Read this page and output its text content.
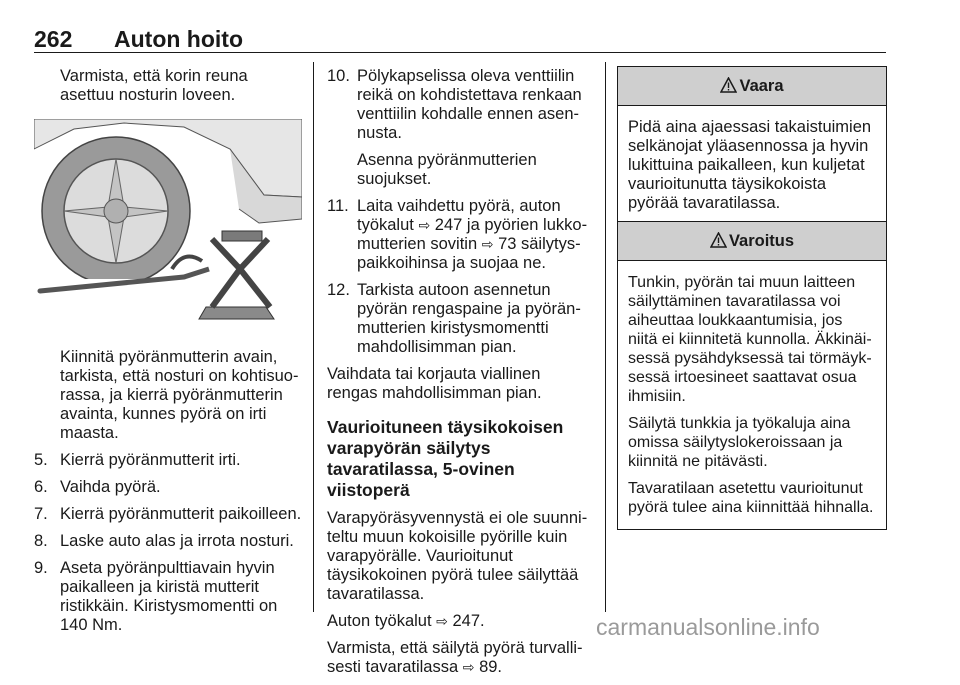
262 Auton hoito

Varmista, että korin reuna asettuu nosturin loveen.

Kiinnitä pyöränmutterin avain, tarkista, että nosturi on kohtisuorassa, ja kierrä pyöränmutterin avainta, kunnes pyörä on irti maasta.

5. Kierrä pyöränmutterit irti.
6. Vaihda pyörä.
7. Kierrä pyöränmutterit paikoilleen.
8. Laske auto alas ja irrota nosturi.
9. Aseta pyöränpulttiavain hyvin paikalleen ja kiristä mutterit ristikkäin. Kiristysmomentti on 140 Nm.
10. Pölykapselissa oleva venttiilin reikä on kohdistettava renkaan venttiilin kohdalle ennen asennusta.
Asenna pyöränmutterien suojukset.
11. Laita vaihdettu pyörä, auton työkalut ⇨ 247 ja pyörien lukkomutterien sovitin ⇨ 73 säilytyspaikkoihinsa ja suojaa ne.
12. Tarkista autoon asennetun pyörän rengaspaine ja pyöränmutterien kiristysmomentti mahdollisimman pian.

Vaihdata tai korjauta viallinen rengas mahdollisimman pian.

Vaurioituneen täysikokoisen varapyörän säilytys tavaratilassa, 5-ovinen viistoperä

Varapyöräsyvennystä ei ole suunniteltu muun kokoisille pyörille kuin varapyörälle. Vaurioitunut täysikokoinen pyörä tulee säilyttää tavaratilassa.

Auton työkalut ⇨ 247.

Varmista, että säilytä pyörä turvallisesti tavaratilassa ⇨ 89.

Vaara

Pidä aina ajaessasi takaistuimien selkänojat yläasennossa ja hyvin lukittuina paikalleen, kun kuljetat vaurioitunutta täysikokoista pyörää tavaratilassa.

Varoitus

Tunkin, pyörän tai muun laitteen säilyttäminen tavaratilassa voi aiheuttaa loukkaantumisia, jos niitä ei kiinnitetä kunnolla. Äkkinäisessä pysähdyksessä tai törmäyksessä irtoesineet saattavat osua ihmisiin.

Säilytä tunkkia ja työkaluja aina omissa säilytyslokeroissaan ja kiinnitä ne pitävästi.

Tavaratilaan asetettu vaurioitunut pyörä tulee aina kiinnittää hihnalla.

carmanualsonline.info
